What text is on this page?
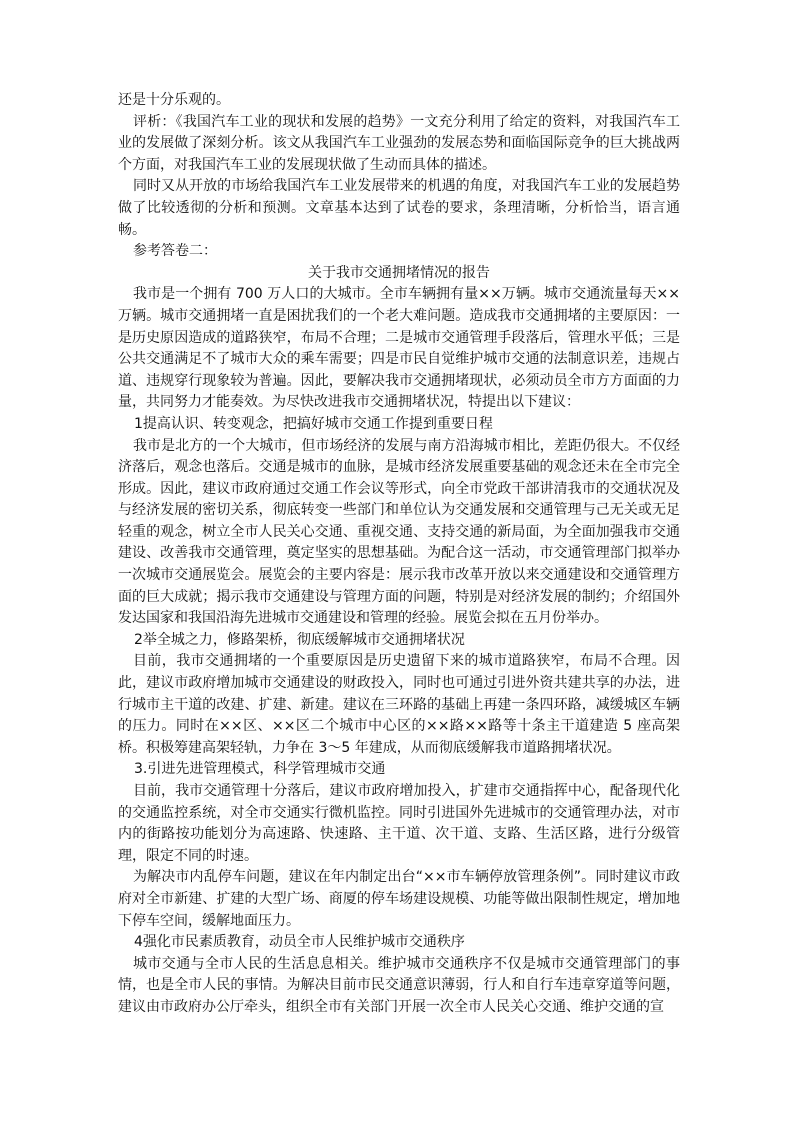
还是十分乐观的。

评析：《我国汽车工业的现状和发展的趋势》一文充分利用了给定的资料，对我国汽车工业的发展做了深刻分析。该文从我国汽车工业强劲的发展态势和面临国际竞争的巨大挑战两个方面，对我国汽车工业的发展现状做了生动而具体的描述。

同时又从开放的市场给我国汽车工业发展带来的机遇的角度，对我国汽车工业的发展趋势做了比较透彻的分析和预测。文章基本达到了试卷的要求，条理清晰，分析恰当，语言通畅。

参考答卷二：

关于我市交通拥堵情况的报告

我市是一个拥有 700 万人口的大城市。全市车辆拥有量××万辆。城市交通流量每天××万辆。城市交通拥堵一直是困扰我们的一个老大难问题。造成我市交通拥堵的主要原因：一是历史原因造成的道路狭窄，布局不合理；二是城市交通管理手段落后，管理水平低；三是公共交通满足不了城市大众的乘车需要；四是市民自觉维护城市交通的法制意识差，违规占道、违规穿行现象较为普遍。因此，要解决我市交通拥堵现状，必须动员全市方方面面的力量，共同努力才能奏效。为尽快改进我市交通拥堵状况，特提出以下建议：

1提高认识、转变观念，把搞好城市交通工作提到重要日程

我市是北方的一个大城市，但市场经济的发展与南方沿海城市相比，差距仍很大。不仅经济落后，观念也落后。交通是城市的血脉，是城市经济发展重要基础的观念还未在全市完全形成。因此，建议市政府通过交通工作会议等形式，向全市党政干部讲清我市的交通状况及与经济发展的密切关系，彻底转变一些部门和单位认为交通发展和交通管理与己无关或无足轻重的观念，树立全市人民关心交通、重视交通、支持交通的新局面，为全面加强我市交通建设、改善我市交通管理，奠定坚实的思想基础。为配合这一活动，市交通管理部门拟举办一次城市交通展览会。展览会的主要内容是：展示我市改革开放以来交通建设和交通管理方面的巨大成就；揭示我市交通建设与管理方面的问题，特别是对经济发展的制约；介绍国外发达国家和我国沿海先进城市交通建设和管理的经验。展览会拟在五月份举办。

2举全城之力，修路架桥，彻底缓解城市交通拥堵状况

目前，我市交通拥堵的一个重要原因是历史遗留下来的城市道路狭窄，布局不合理。因此，建议市政府增加城市交通建设的财政投入，同时也可通过引进外资共建共享的办法，进行城市主干道的改建、扩建、新建。建议在三环路的基础上再建一条四环路，减缓城区车辆的压力。同时在××区、××区二个城市中心区的××路××路等十条主干道建造 5 座高架桥。积极筹建高架轻轨，力争在 3～5 年建成，从而彻底缓解我市道路拥堵状况。

3.引进先进管理模式，科学管理城市交通

目前，我市交通管理十分落后，建议市政府增加投入，扩建市交通指挥中心，配备现代化的交通监控系统，对全市交通实行微机监控。同时引进国外先进城市的交通管理办法，对市内的街路按功能划分为高速路、快速路、主干道、次干道、支路、生活区路，进行分级管理，限定不同的时速。

为解决市内乱停车问题，建议在年内制定出台“××市车辆停放管理条例”。同时建议市政府对全市新建、扩建的大型广场、商厦的停车场建设规模、功能等做出限制性规定，增加地下停车空间，缓解地面压力。

4强化市民素质教育，动员全市人民维护城市交通秩序

城市交通与全市人民的生活息息相关。维护城市交通秩序不仅是城市交通管理部门的事情，也是全市人民的事情。为解决目前市民交通意识薄弱，行人和自行车违章穿道等问题，建议由市政府办公厅牵头，组织全市有关部门开展一次全市人民关心交通、维护交通的宣
